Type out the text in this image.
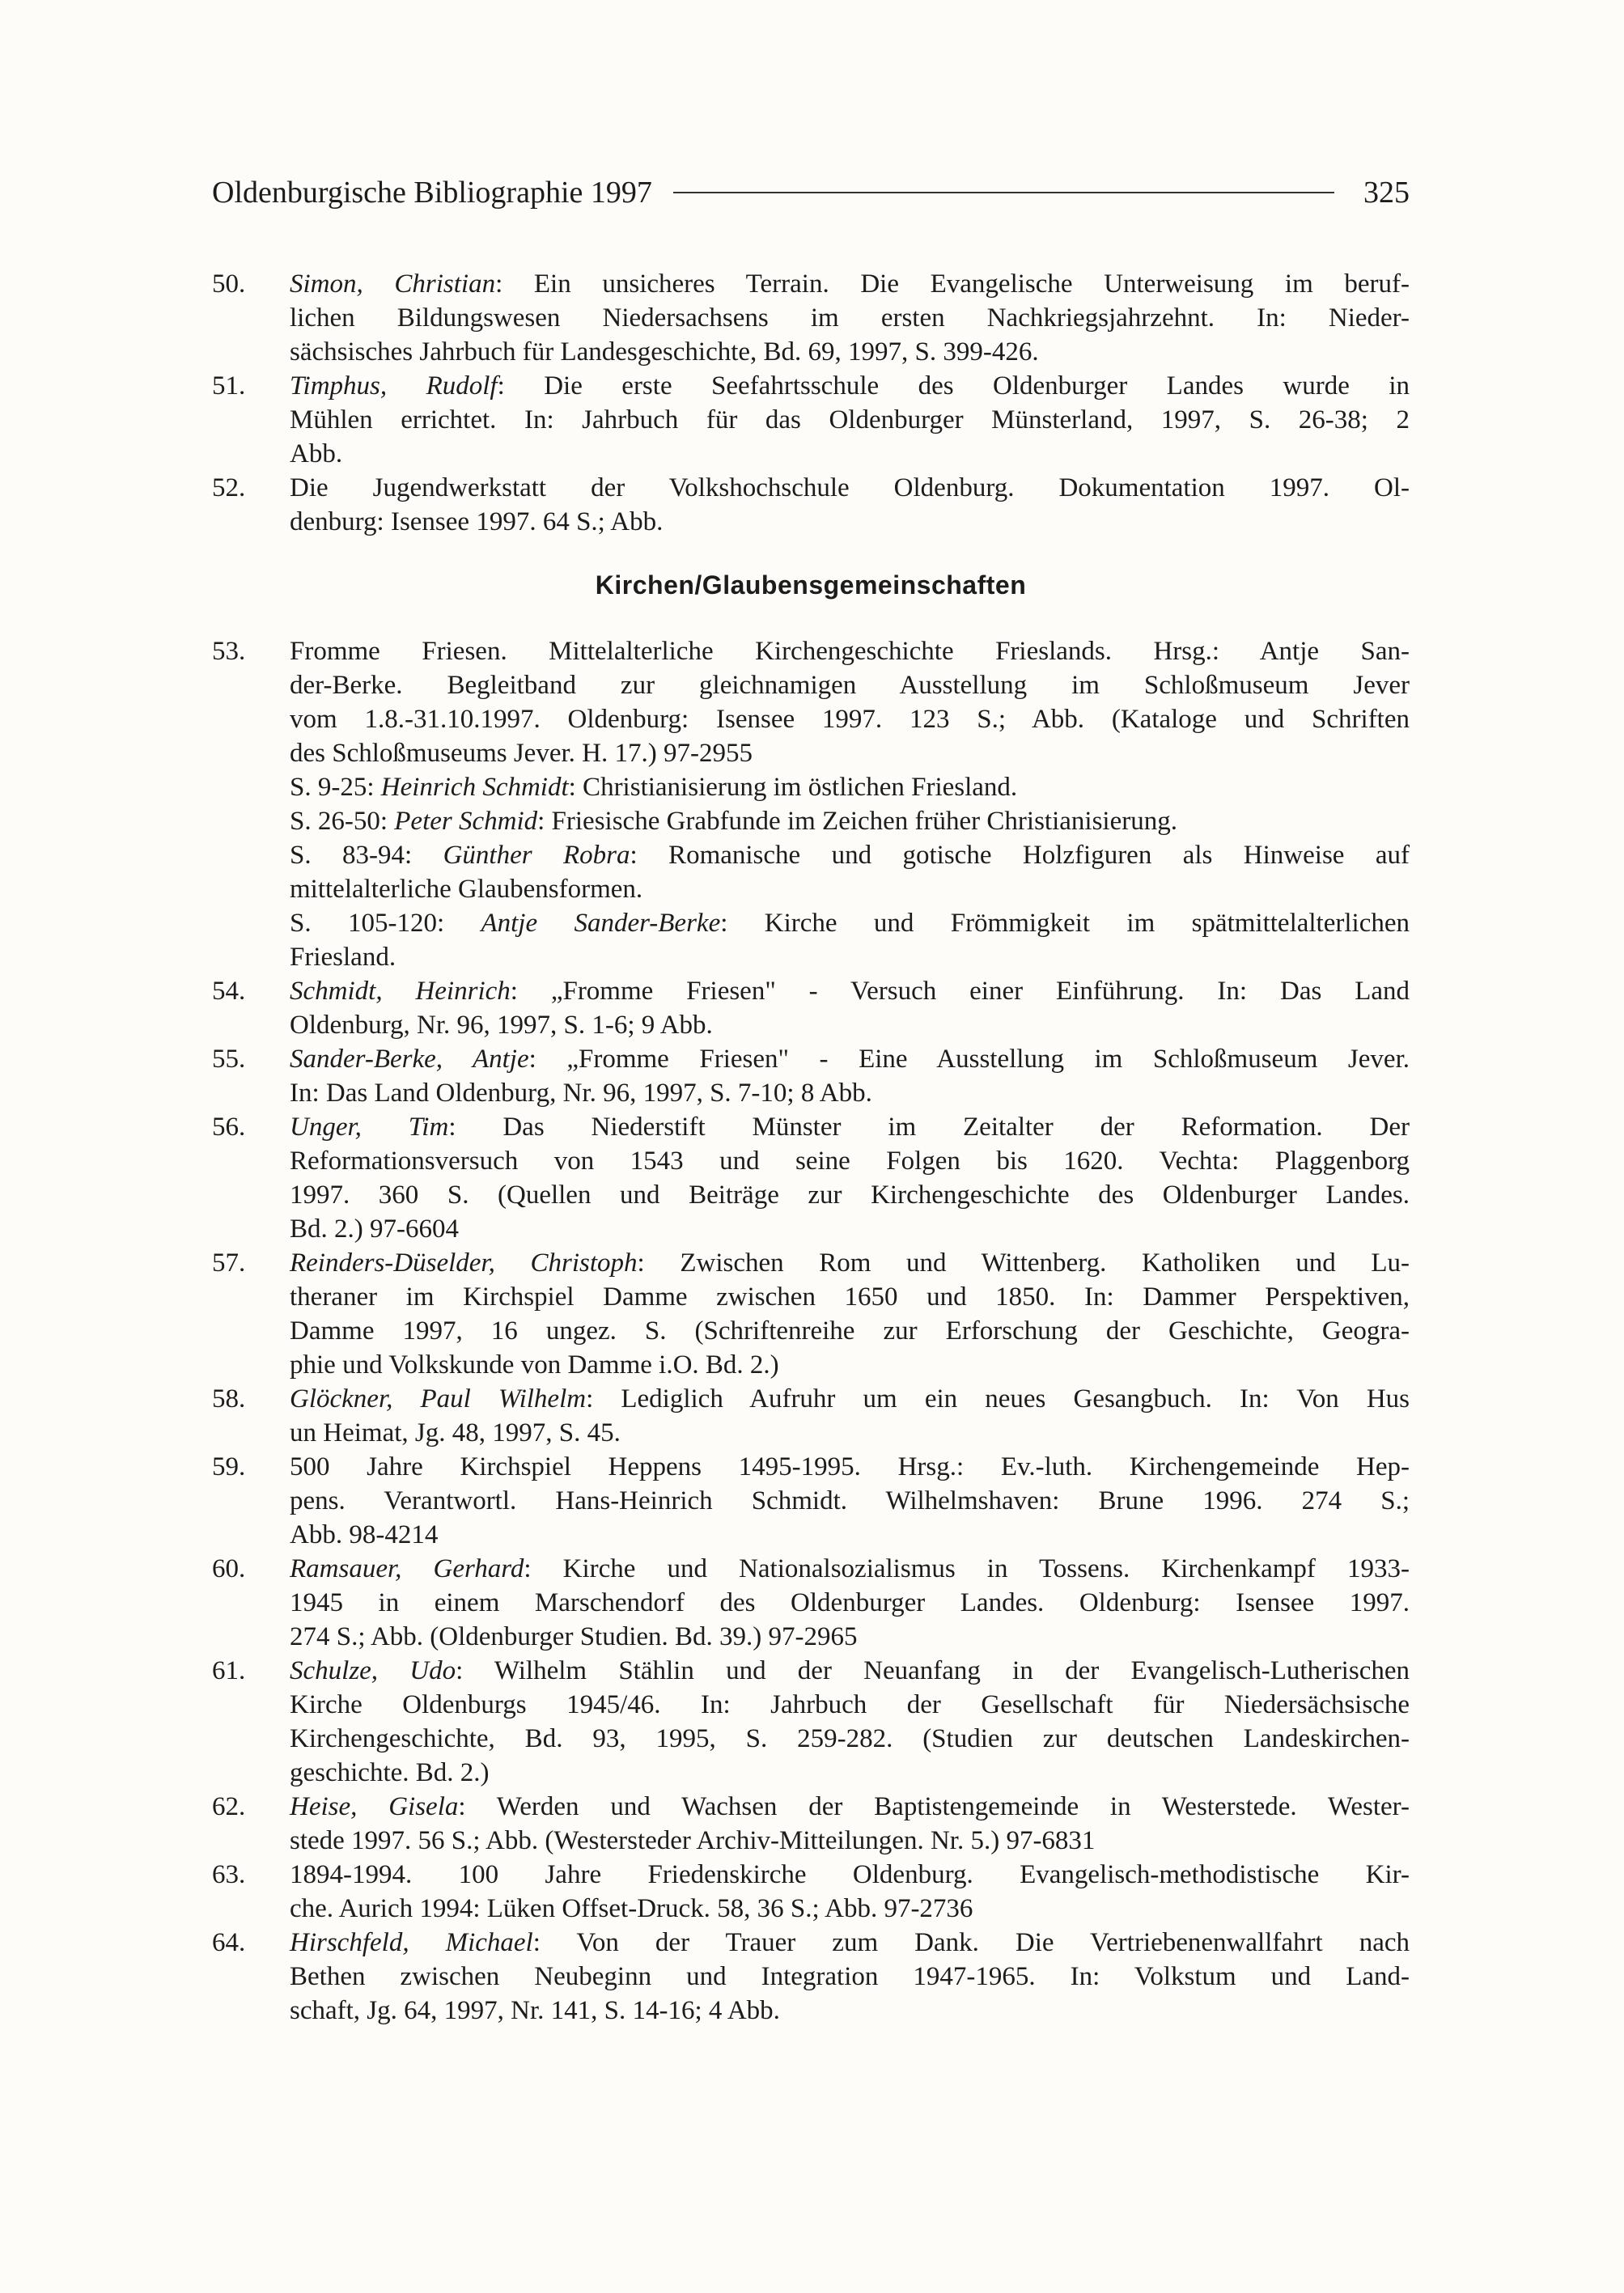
Oldenburgische Bibliographie 1997	325
50.	Simon, Christian: Ein unsicheres Terrain. Die Evangelische Unterweisung im beruf-
lichen Bildungswesen Niedersachsens im ersten Nachkriegsjahrzehnt. In: Nieder-
sächsisches Jahrbuch für Landesgeschichte, Bd. 69, 1997, S. 399-426.
51.	Timphus, Rudolf: Die erste Seefahrtsschule des Oldenburger Landes wurde in
Mühlen errichtet. In: Jahrbuch für das Oldenburger Münsterland, 1997, S. 26-38; 2
Abb.
52.	Die Jugendwerkstatt der Volkshochschule Oldenburg. Dokumentation 1997. Ol-
denburg: Isensee 1997. 64 S.; Abb.
Kirchen/Glaubensgemeinschaften
53.	Fromme Friesen. Mittelalterliche Kirchengeschichte Frieslands. Hrsg.: Antje San-
der-Berke. Begleitband zur gleichnamigen Ausstellung im Schloßmuseum Jever
vom 1.8.-31.10.1997. Oldenburg: Isensee 1997. 123 S.; Abb. (Kataloge und Schriften
des Schloßmuseums Jever. H. 17.) 97-2955
S. 9-25: Heinrich Schmidt: Christianisierung im östlichen Friesland.
S. 26-50: Peter Schmid: Friesische Grabfunde im Zeichen früher Christianisierung.
S. 83-94: Günther Robra: Romanische und gotische Holzfiguren als Hinweise auf
mittelalterliche Glaubensformen.
S. 105-120: Antje Sander-Berke: Kirche und Frömmigkeit im spätmittelalterlichen
Friesland.
54.	Schmidt, Heinrich: „Fromme Friesen" - Versuch einer Einführung. In: Das Land
Oldenburg, Nr. 96, 1997, S. 1-6; 9 Abb.
55.	Sander-Berke, Antje: „Fromme Friesen" - Eine Ausstellung im Schloßmuseum Jever.
In: Das Land Oldenburg, Nr. 96, 1997, S. 7-10; 8 Abb.
56.	Unger, Tim: Das Niederstift Münster im Zeitalter der Reformation. Der
Reformationsversuch von 1543 und seine Folgen bis 1620. Vechta: Plaggenborg
1997. 360 S. (Quellen und Beiträge zur Kirchengeschichte des Oldenburger Landes.
Bd. 2.) 97-6604
57.	Reinders-Düselder, Christoph: Zwischen Rom und Wittenberg. Katholiken und Lu-
theraner im Kirchspiel Damme zwischen 1650 und 1850. In: Dammer Perspektiven,
Damme 1997, 16 ungez. S. (Schriftenreihe zur Erforschung der Geschichte, Geogra-
phie und Volkskunde von Damme i.O. Bd. 2.)
58.	Glöckner, Paul Wilhelm: Lediglich Aufruhr um ein neues Gesangbuch. In: Von Hus
un Heimat, Jg. 48, 1997, S. 45.
59.	500 Jahre Kirchspiel Heppens 1495-1995. Hrsg.: Ev.-luth. Kirchengemeinde Hep-
pens. Verantwortl. Hans-Heinrich Schmidt. Wilhelmshaven: Brune 1996. 274 S.;
Abb. 98-4214
60.	Ramsauer, Gerhard: Kirche und Nationalsozialismus in Tossens. Kirchenkampf 1933-
1945 in einem Marschendorf des Oldenburger Landes. Oldenburg: Isensee 1997.
274 S.; Abb. (Oldenburger Studien. Bd. 39.) 97-2965
61.	Schulze, Udo: Wilhelm Stählin und der Neuanfang in der Evangelisch-Lutherischen
Kirche Oldenburgs 1945/46. In: Jahrbuch der Gesellschaft für Niedersächsische
Kirchengeschichte, Bd. 93, 1995, S. 259-282. (Studien zur deutschen Landeskirchen-
geschichte. Bd. 2.)
62.	Heise, Gisela: Werden und Wachsen der Baptistengemeinde in Westerstede. Wester-
stede 1997. 56 S.; Abb. (Westersteder Archiv-Mitteilungen. Nr. 5.) 97-6831
63.	1894-1994. 100 Jahre Friedenskirche Oldenburg. Evangelisch-methodistische Kir-
che. Aurich 1994: Lüken Offset-Druck. 58, 36 S.; Abb. 97-2736
64.	Hirschfeld, Michael: Von der Trauer zum Dank. Die Vertriebenenwallfahrt nach
Bethen zwischen Neubeginn und Integration 1947-1965. In: Volkstum und Land-
schaft, Jg. 64, 1997, Nr. 141, S. 14-16; 4 Abb.
